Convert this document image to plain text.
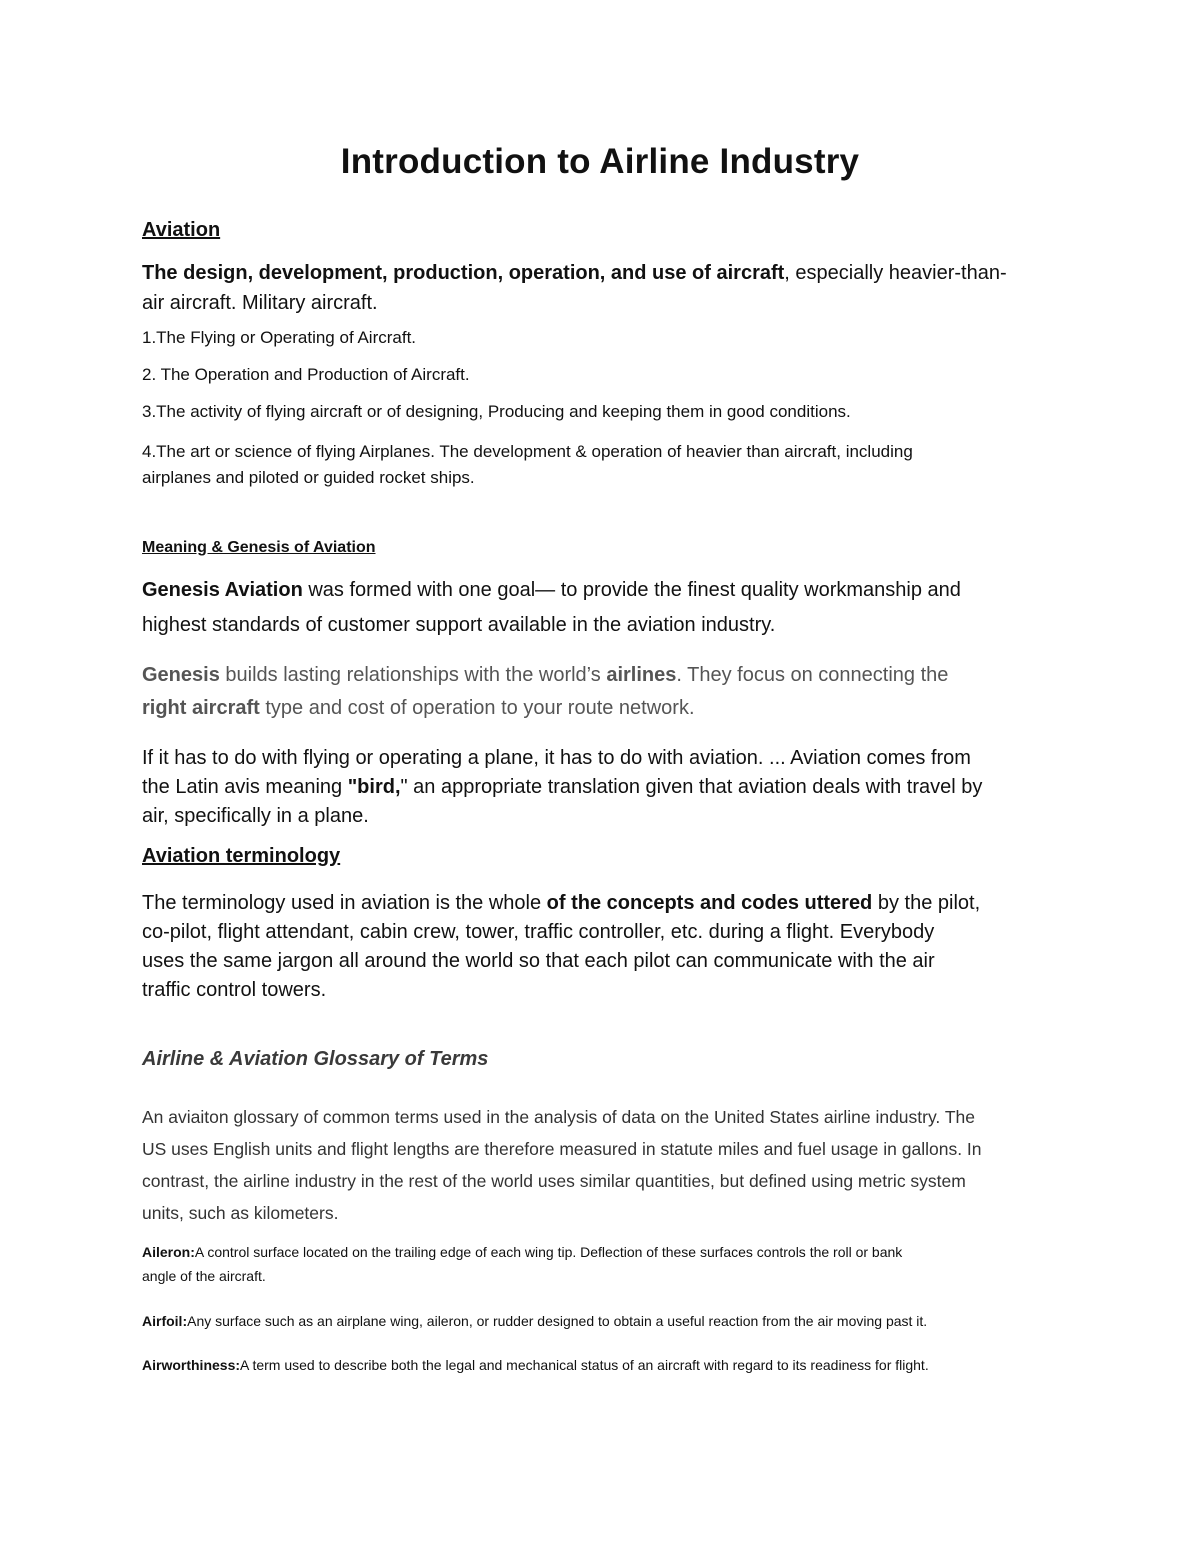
Introduction to Airline Industry
Aviation
The design, development, production, operation, and use of aircraft, especially heavier-than-
air aircraft. Military aircraft.
1.The Flying or Operating of Aircraft.
2. The Operation and Production of Aircraft.
3.The activity of flying aircraft or of designing, Producing and keeping them in good conditions.
4.The art or science of flying Airplanes. The development & operation of heavier than aircraft, including
airplanes and piloted or guided rocket ships.
Meaning & Genesis of Aviation
Genesis Aviation was formed with one goal— to provide the finest quality workmanship and
highest standards of customer support available in the aviation industry.
Genesis builds lasting relationships with the world’s airlines. They focus on connecting the
right aircraft type and cost of operation to your route network.
If it has to do with flying or operating a plane, it has to do with aviation. ... Aviation comes from
the Latin avis meaning "bird," an appropriate translation given that aviation deals with travel by
air, specifically in a plane.
Aviation terminology
The terminology used in aviation is the whole of the concepts and codes uttered by the pilot,
co-pilot, flight attendant, cabin crew, tower, traffic controller, etc. during a flight. Everybody
uses the same jargon all around the world so that each pilot can communicate with the air
traffic control towers.
Airline & Aviation Glossary of Terms
An aviaiton glossary of common terms used in the analysis of data on the United States airline industry. The
US uses English units and flight lengths are therefore measured in statute miles and fuel usage in gallons. In
contrast, the airline industry in the rest of the world uses similar quantities, but defined using metric system
units, such as kilometers.
Aileron:A control surface located on the trailing edge of each wing tip. Deflection of these surfaces controls the roll or bank
angle of the aircraft.
Airfoil:Any surface such as an airplane wing, aileron, or rudder designed to obtain a useful reaction from the air moving past it.
Airworthiness:A term used to describe both the legal and mechanical status of an aircraft with regard to its readiness for flight.
